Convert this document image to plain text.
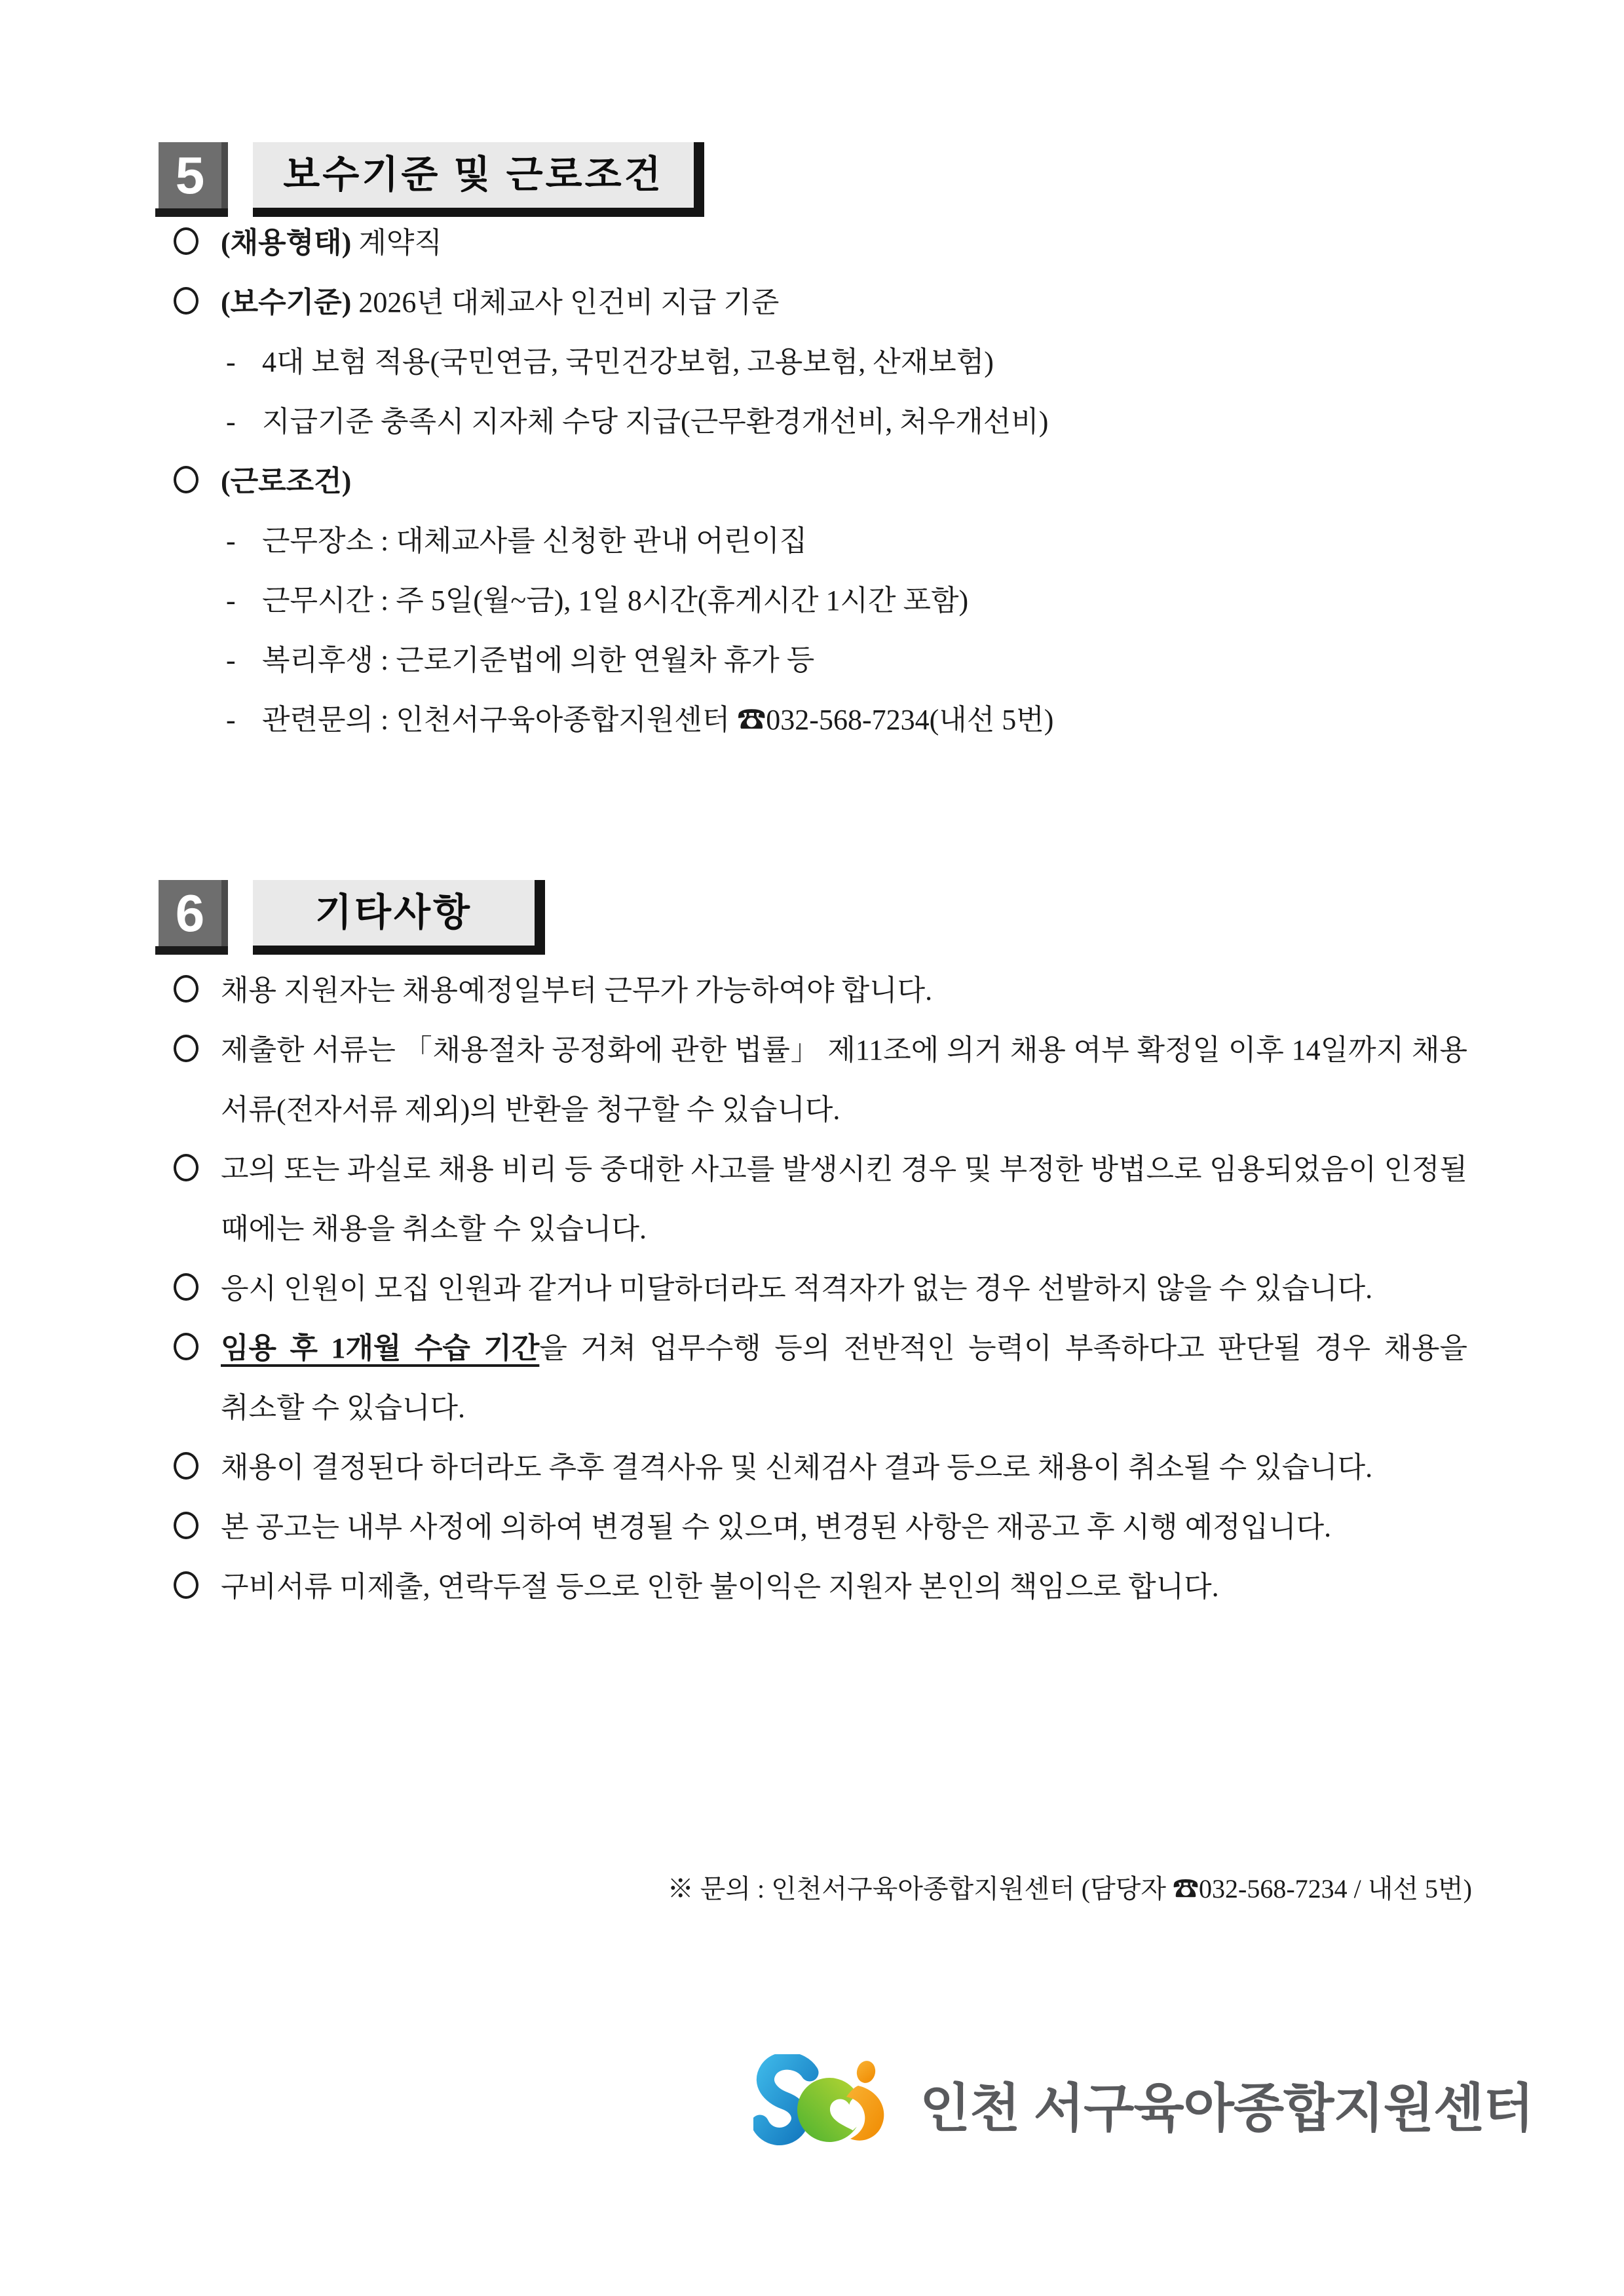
5 보수기준 및 근로조건
(채용형태) 계약직
(보수기준) 2026년 대체교사 인건비 지급 기준
- 4대 보험 적용(국민연금, 국민건강보험, 고용보험, 산재보험)
- 지급기준 충족시 지자체 수당 지급(근무환경개선비, 처우개선비)
(근로조건)
- 근무장소 : 대체교사를 신청한 관내 어린이집
- 근무시간 : 주 5일(월~금), 1일 8시간(휴게시간 1시간 포함)
- 복리후생 : 근로기준법에 의한 연월차 휴가 등
- 관련문의 : 인천서구육아종합지원센터 ☎032-568-7234(내선 5번)
6	기타사항
채용 지원자는 채용예정일부터 근무가 가능하여야 합니다.
제출한 서류는 「채용절차 공정화에 관한 법률」 제11조에 의거 채용 여부 확정일 이후 14일까지 채용 서류(전자서류 제외)의 반환을 청구할 수 있습니다.
고의 또는 과실로 채용 비리 등 중대한 사고를 발생시킨 경우 및 부정한 방법으로 임용되었음이 인정될 때에는 채용을 취소할 수 있습니다.
응시 인원이 모집 인원과 같거나 미달하더라도 적격자가 없는 경우 선발하지 않을 수 있습니다.
임용 후 1개월 수습 기간을 거쳐 업무수행 등의 전반적인 능력이 부족하다고 판단될 경우 채용을 취소할 수 있습니다.
채용이 결정된다 하더라도 추후 결격사유 및 신체검사 결과 등으로 채용이 취소될 수 있습니다.
본 공고는 내부 사정에 의하여 변경될 수 있으며, 변경된 사항은 재공고 후 시행 예정입니다.
구비서류 미제출, 연락두절 등으로 인한 불이익은 지원자 본인의 책임으로 합니다.
※ 문의 : 인천서구육아종합지원센터 (담당자 ☎032-568-7234 / 내선 5번)
인천 서구육아종합지원센터
